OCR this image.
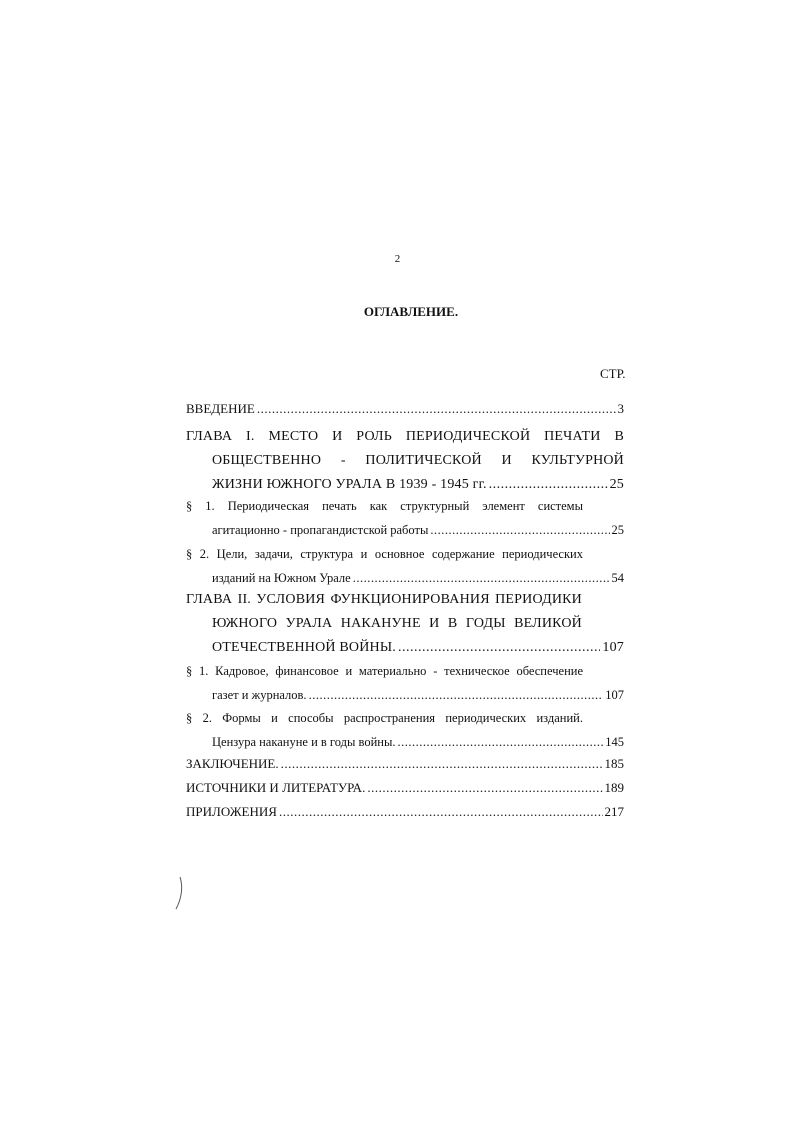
2
ОГЛАВЛЕНИЕ.
СТР.
ВВЕДЕНИЕ .....	3
ГЛАВА I. МЕСТО И РОЛЬ ПЕРИОДИЧЕСКОЙ ПЕЧАТИ В
ОБЩЕСТВЕННО - ПОЛИТИЧЕСКОЙ И КУЛЬТУРНОЙ
ЖИЗНИ ЮЖНОГО УРАЛА В 1939 - 1945 гг. .....	25
§ 1. Периодическая печать как структурный элемент системы
агитационно - пропагандистской работы .....	25
§ 2. Цели, задачи, структура и основное содержание периодических
изданий на Южном Урале .....	54
ГЛАВА II. УСЛОВИЯ ФУНКЦИОНИРОВАНИЯ ПЕРИОДИКИ
ЮЖНОГО УРАЛА НАКАНУНЕ И В ГОДЫ ВЕЛИКОЙ
ОТЕЧЕСТВЕННОЙ ВОЙНЫ. .....	107
§ 1. Кадровое, финансовое и материально - техническое обеспечение
газет и журналов. .....	107
§ 2. Формы и способы распространения периодических изданий.
Цензура накануне и в годы войны. .....	145
ЗАКЛЮЧЕНИЕ. .....	185
ИСТОЧНИКИ И ЛИТЕРАТУРА. .....	189
ПРИЛОЖЕНИЯ .....	217
